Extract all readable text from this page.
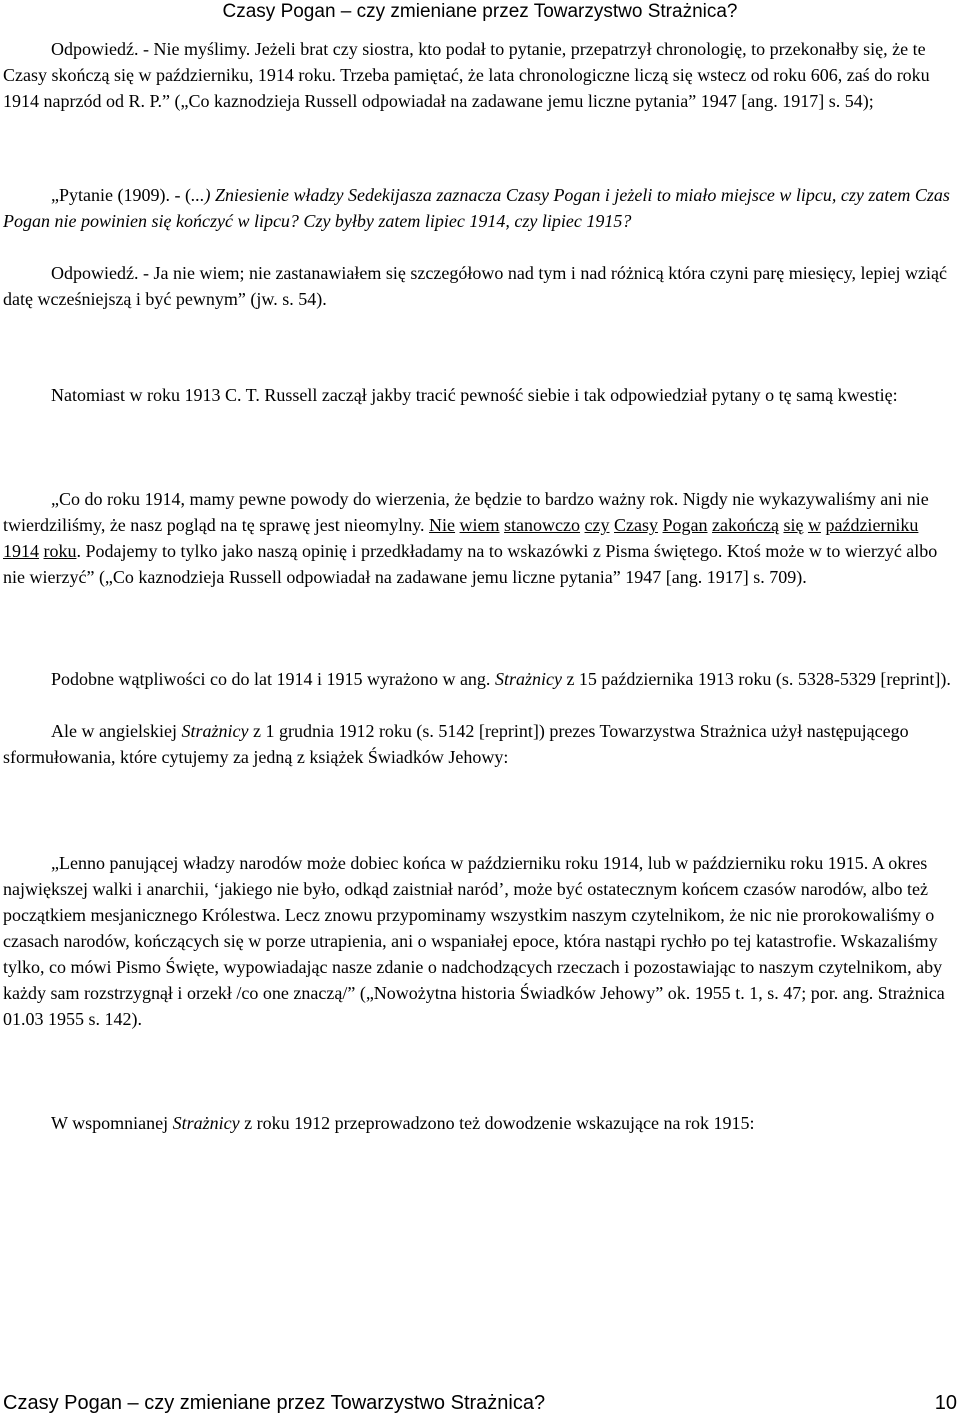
Czasy Pogan – czy zmieniane przez Towarzystwo Strażnica?

Odpowiedź. - Nie myślimy. Jeżeli brat czy siostra, kto podał to pytanie, przepatrzył chronologię, to przekonałby się, że te Czasy skończą się w październiku, 1914 roku. Trzeba pamiętać, że lata chronologiczne liczą się wstecz od roku 606, zaś do roku 1914 naprzód od R. P.” („Co kaznodzieja Russell odpowiadał na zadawane jemu liczne pytania” 1947 [ang. 1917] s. 54);

„Pytanie (1909). - (...) Zniesienie władzy Sedekijasza zaznacza Czasy Pogan i jeżeli to miało miejsce w lipcu, czy zatem Czas Pogan nie powinien się kończyć w lipcu? Czy byłby zatem lipiec 1914, czy lipiec 1915?

Odpowiedź. - Ja nie wiem; nie zastanawiałem się szczegółowo nad tym i nad różnicą która czyni parę miesięcy, lepiej wziąć datę wcześniejszą i być pewnym” (jw. s. 54).

Natomiast w roku 1913 C. T. Russell zaczął jakby tracić pewność siebie i tak odpowiedział pytany o tę samą kwestię:

„Co do roku 1914, mamy pewne powody do wierzenia, że będzie to bardzo ważny rok. Nigdy nie wykazywaliśmy ani nie twierdziliśmy, że nasz pogląd na tę sprawę jest nieomylny. Nie wiem stanowczo czy Czasy Pogan zakończą się w październiku 1914 roku. Podajemy to tylko jako naszą opinię i przedkładamy na to wskazówki z Pisma świętego. Ktoś może w to wierzyć albo nie wierzyć” („Co kaznodzieja Russell odpowiadał na zadawane jemu liczne pytania” 1947 [ang. 1917] s. 709).

Podobne wątpliwości co do lat 1914 i 1915 wyrażono w ang. Strażnicy z 15 października 1913 roku (s. 5328-5329 [reprint]).

Ale w angielskiej Strażnicy z 1 grudnia 1912 roku (s. 5142 [reprint]) prezes Towarzystwa Strażnica użył następującego sformułowania, które cytujemy za jedną z książek Świadków Jehowy:

„Lenno panującej władzy narodów może dobiec końca w październiku roku 1914, lub w październiku roku 1915. A okres największej walki i anarchii, ‘jakiego nie było, odkąd zaistniał naród’, może być ostatecznym końcem czasów narodów, albo też początkiem mesjanicznego Królestwa. Lecz znowu przypominamy wszystkim naszym czytelnikom, że nic nie prorokowaliśmy o czasach narodów, kończących się w porze utrapienia, ani o wspaniałej epoce, która nastąpi rychło po tej katastrofie. Wskazaliśmy tylko, co mówi Pismo Święte, wypowiadając nasze zdanie o nadchodzących rzeczach i pozostawiając to naszym czytelnikom, aby każdy sam rozstrzygnął i orzekł /co one znaczą/” („Nowożytna historia Świadków Jehowy” ok. 1955 t. 1, s. 47; por. ang. Strażnica 01.03 1955 s. 142).

W wspomnianej Strażnicy z roku 1912 przeprowadzono też dowodzenie wskazujące na rok 1915:

Czasy Pogan – czy zmieniane przez Towarzystwo Strażnica?	10
